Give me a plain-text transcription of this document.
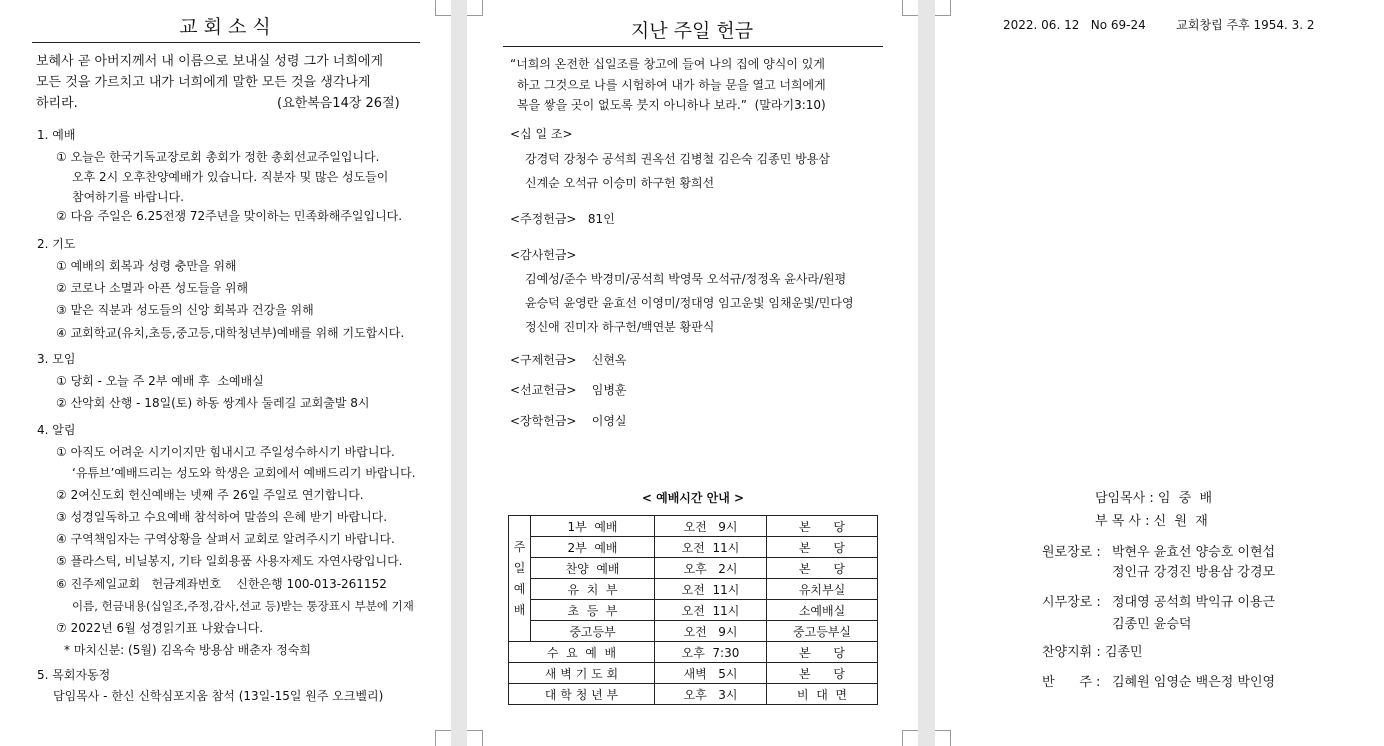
교 회 소 식
보혜사 곧 아버지께서 내 이름으로 보내실 성령 그가 너희에게
모든 것을 가르치고 내가 너희에게 말한 모든 것을 생각나게
하리라.	(요한복음14장 26절)
1. 예배
① 오늘은 한국기독교장로회 총회가 정한 총회선교주일입니다.
오후 2시 오후찬양예배가 있습니다. 직분자 및 많은 성도들이
참여하기를 바랍니다.
② 다음 주일은 6.25전쟁 72주년을 맞이하는 민족화해주일입니다.
2. 기도
① 예배의 회복과 성령 충만을 위해
② 코로나 소멸과 아픈 성도들을 위해
③ 맡은 직분과 성도들의 신앙 회복과 건강을 위해
④ 교회학교(유치,초등,중고등,대학청년부)예배를 위해 기도합시다.
3. 모임
① 당회 - 오늘 주 2부 예배 후  소예배실
② 산악회 산행 - 18일(토) 하동 쌍계사 둘레길 교회출발 8시
4. 알림
① 아직도 어려운 시기이지만 힘내시고 주일성수하시기 바랍니다.
‘유튜브’예배드리는 성도와 학생은 교회에서 예배드리기 바랍니다.
② 2여신도회 헌신예배는 넷째 주 26일 주일로 연기합니다.
③ 성경일독하고 수요예배 참석하여 말씀의 은혜 받기 바랍니다.
④ 구역책임자는 구역상황을 살펴서 교회로 알려주시기 바랍니다.
⑤ 플라스틱, 비닐봉지, 기타 일회용품 사용자제도 자연사랑입니다.
⑥ 진주제일교회   헌금계좌번호    신한은행 100-013-261152
이름, 헌금내용(십일조,주정,감사,선교 등)받는 통장표시 부분에 기재
⑦ 2022년 6월 성경읽기표 나왔습니다.
* 마치신분: (5월) 김옥숙 방용삼 배춘자 정숙희
5. 목회자동정
담임목사 - 한신 신학심포지움 참석 (13일-15일 원주 오크벨리)
지난 주일 헌금
“너희의 온전한 십일조를 창고에 들여 나의 집에 양식이 있게
하고 그것으로 나를 시험하여 내가 하늘 문을 열고 너희에게
복을 쌓을 곳이 없도록 붓지 아니하나 보라.”  (말라기3:10)
<십 일 조>
강경덕 강청수 공석희 권옥선 김병철 김은숙 김종민 방용삼
신계순 오석규 이승미 하구헌 황희선
<주정헌금>   81인
<감사헌금>
김예성/준수 박경미/공석희 박영묵 오석규/정정옥 윤사라/원평
윤승덕 윤영란 윤효선 이영미/정대영 임고운빛 임채운빛/민다영
정신애 진미자 하구헌/백연분 황판식
<구제헌금>    신현옥
<선교헌금>    임병훈
<장학헌금>    이영실
< 예배시간 안내 >
주
일
예
배	1부  예배	오전   9시	본      당
	2부  예배	오전  11시	본      당
	찬양  예배	오후   2시	본      당
	유  치  부	오전  11시	유치부실
	초  등  부	오전  11시	소예배실
	중고등부	오전   9시	중고등부실
수  요  예  배		오후  7:30	본      당
새 벽 기 도 회		새벽   5시	본      당
대 학 청 년 부		오후   3시	비  대  면
2022. 06. 12   No 69-24        교회창립 주후 1954. 3. 2
담임목사 : 임  중  배
부 목 사 : 신  원  재
원로장로 : 박현우 윤효선 양승호 이현섭
정인규 강경진 방용삼 강경모
시무장로 : 정대영 공석희 박익규 이용근
김종민 윤승덕
찬양지휘 : 김종민
반      주 : 김혜원 임영순 백은정 박인영
